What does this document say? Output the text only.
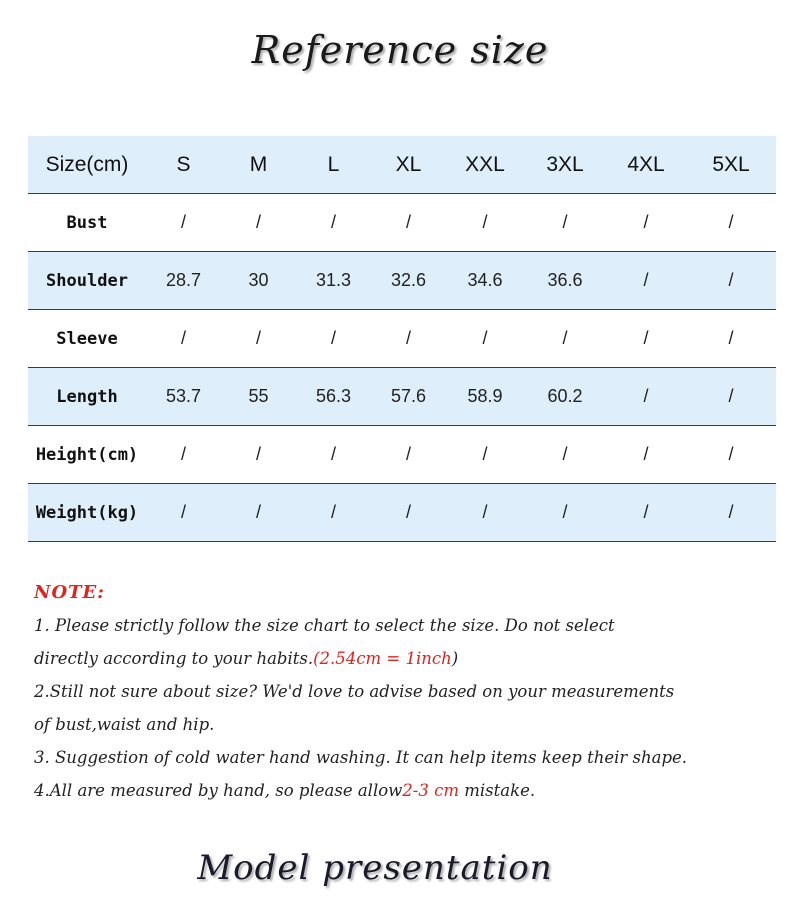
Reference size
Size(cm)	S	M	L	XL	XXL	3XL	4XL	5XL
Bust	/	/	/	/	/	/	/	/
Shoulder	28.7	30	31.3	32.6	34.6	36.6	/	/
Sleeve	/	/	/	/	/	/	/	/
Length	53.7	55	56.3	57.6	58.9	60.2	/	/
Height(cm)	/	/	/	/	/	/	/	/
Weight(kg)	/	/	/	/	/	/	/	/
NOTE:
1. Please strictly follow the size chart to select the size. Do not select
directly according to your habits.(2.54cm = 1inch)
2.Still not sure about size? We'd love to advise based on your measurements
of bust,waist and hip.
3. Suggestion of cold water hand washing. It can help items keep their shape.
4.All are measured by hand, so please allow2-3 cm mistake.
Model presentation
